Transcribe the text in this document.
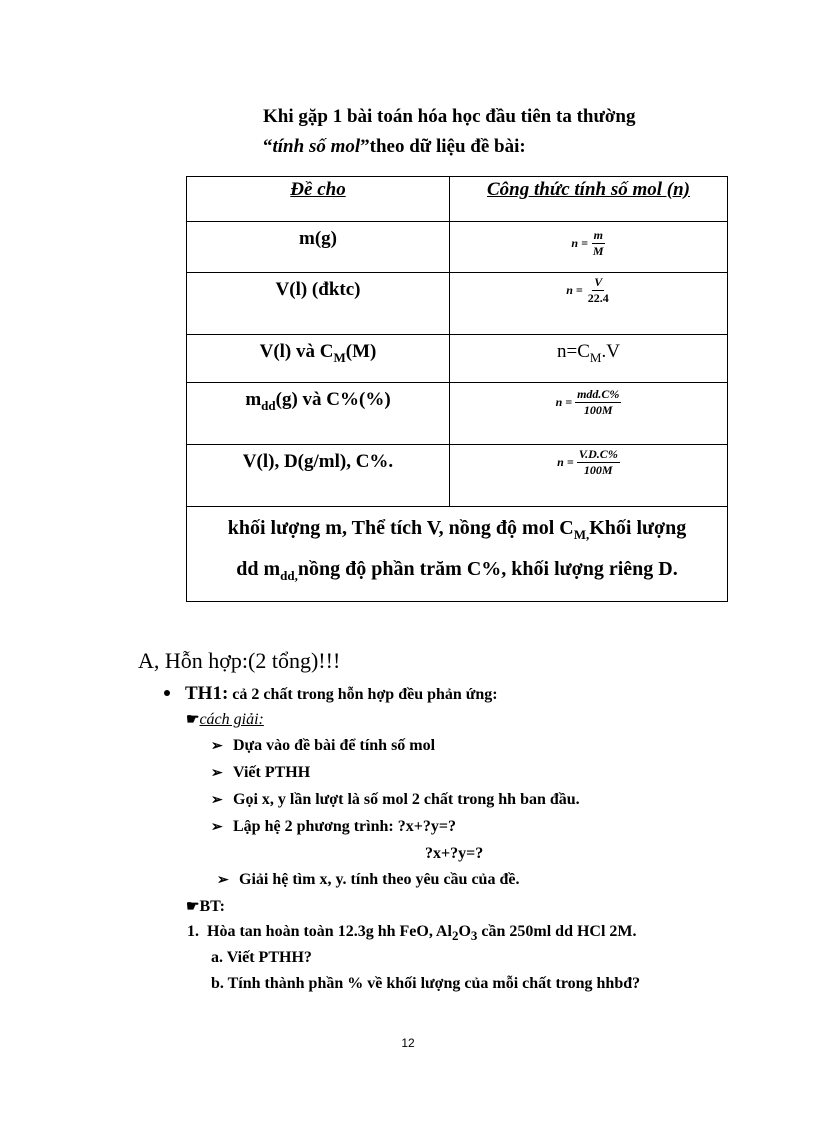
Khi gặp 1 bài toán hóa học đầu tiên ta thường
“tính số mol”theo dữ liệu đề bài:
Đề cho	Công thức tính số mol (n)

m(g)	$n = \frac{m}{M}$

V(l) (đktc)	$n = \frac{V}{22.4}$

V(l) và $C_M(M)$	$n=C_M.V$

$m_{dd}(g)$ và C%(%)	$n = \frac{\text{mdd.C\%}}{100M}$

V(l), D(g/ml), C%.	$n = \frac{V.D.C\%}{100M}$

khối lượng m, Thể tích V, nồng độ mol $C_{M,}Khối$ lượng
dd $m_{dd,}nồng$ độ phần trăm C%, khối lượng riêng D.	
A, Hỗn hợp:(2 tổng)!!!
TH1: cả 2 chất trong hỗn hợp đều phản ứng:
☛cách giải:
➢ Dựa vào đề bài để tính số mol
➢ Viết PTHH
➢ Gọi x, y lần lượt là số mol 2 chất trong hh ban đầu.
➢ Lập hệ 2 phương trình: ?x+?y=?
?x+?y=?
➢ Giải hệ tìm x, y. tính theo yêu cầu của đề.
☛BT:
1. Hòa tan hoàn toàn 12.3g hh FeO, $Al_2O_3$ cần 250ml dd HCl 2M.
a. Viết PTHH?
b. Tính thành phần % về khối lượng của mỗi chất trong hhbđ?
12
